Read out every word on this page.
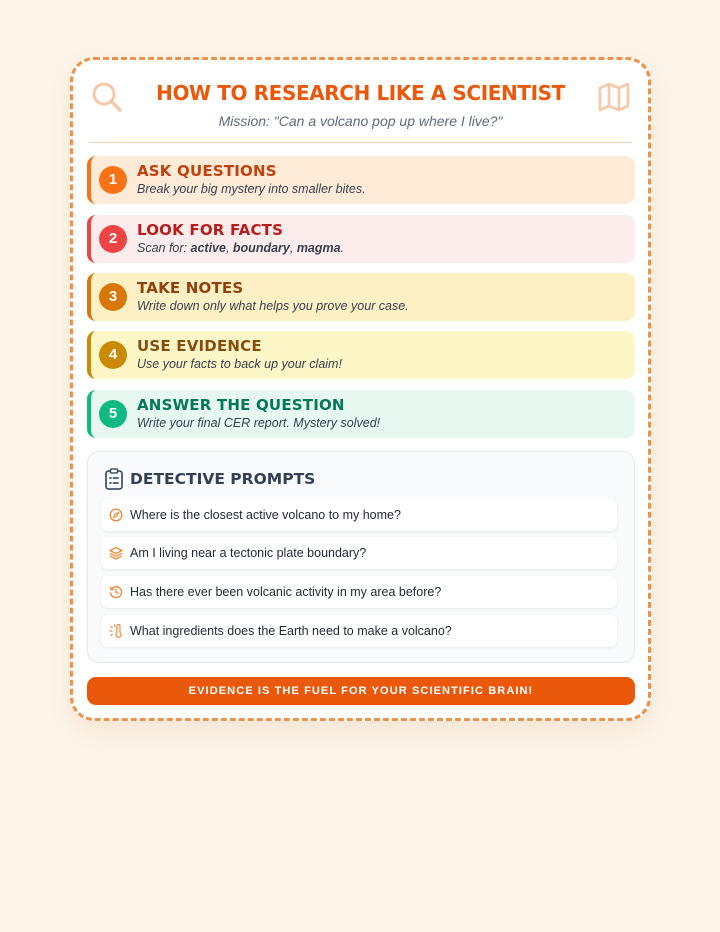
HOW TO RESEARCH LIKE A SCIENTIST
Mission: "Can a volcano pop up where I live?"
1	ASK QUESTIONS
Break your big mystery into smaller bites.
2	LOOK FOR FACTS
Scan for: active, boundary, magma.
3	TAKE NOTES
Write down only what helps you prove your case.
4	USE EVIDENCE
Use your facts to back up your claim!
5	ANSWER THE QUESTION
Write your final CER report. Mystery solved!
DETECTIVE PROMPTS
Where is the closest active volcano to my home?
Am I living near a tectonic plate boundary?
Has there ever been volcanic activity in my area before?
What ingredients does the Earth need to make a volcano?
EVIDENCE IS THE FUEL FOR YOUR SCIENTIFIC BRAIN!
